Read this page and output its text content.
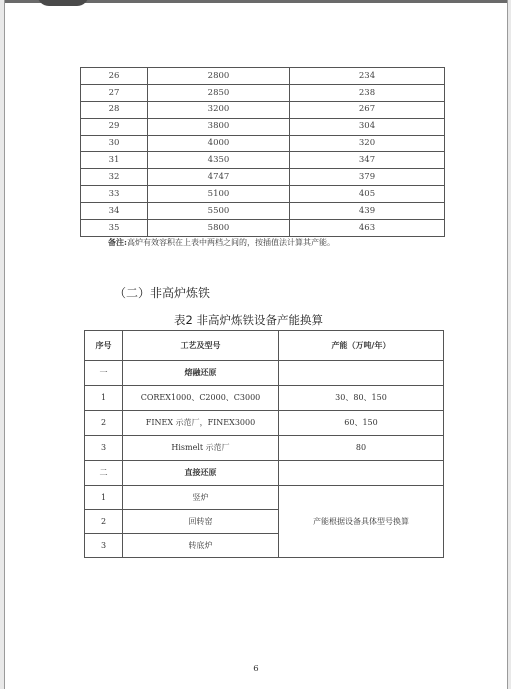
26	2800	234
27	2850	238
28	3200	267
29	3800	304
30	4000	320
31	4350	347
32	4747	379
33	5100	405
34	5500	439
35	5800	463
备注:高炉有效容积在上表中两档之间的，按插值法计算其产能。
（二）非高炉炼铁
表2 非高炉炼铁设备产能换算
序号	工艺及型号	产能（万吨/年）
一	熔融还原	
1	COREX1000、C2000、C3000	30、80、150
2	FINEX 示范厂，FINEX3000	60、150
3	Hismelt 示范厂	80
二	直接还原	
1	竖炉	产能根据设备具体型号换算
2	回转窑	
3	转底炉	
6
